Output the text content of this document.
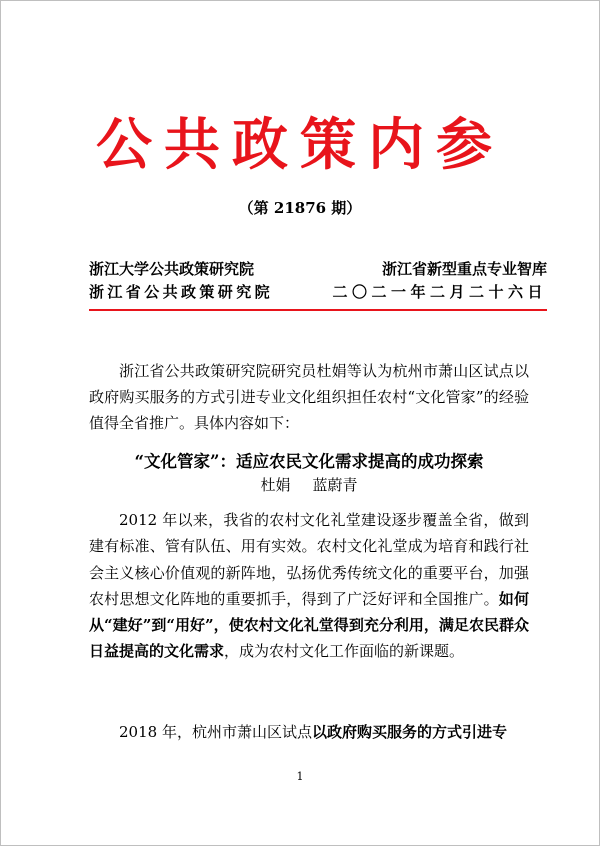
公共政策内参
（第 21876 期）
浙江大学公共政策研究院	浙江省新型重点专业智库
浙江省公共政策研究院	二〇二一年二月二十六日
浙江省公共政策研究院研究员杜娟等认为杭州市萧山区试点以政府购买服务的方式引进专业文化组织担任农村“文化管家”的经验值得全省推广。具体内容如下：
“文化管家”：适应农民文化需求提高的成功探索
杜娟 蓝蔚青
2012 年以来，我省的农村文化礼堂建设逐步覆盖全省，做到建有标准、管有队伍、用有实效。农村文化礼堂成为培育和践行社会主义核心价值观的新阵地，弘扬优秀传统文化的重要平台，加强农村思想文化阵地的重要抓手，得到了广泛好评和全国推广。如何从“建好”到“用好”，使农村文化礼堂得到充分利用，满足农民群众日益提高的文化需求，成为农村文化工作面临的新课题。
2018 年，杭州市萧山区试点以政府购买服务的方式引进专
1
